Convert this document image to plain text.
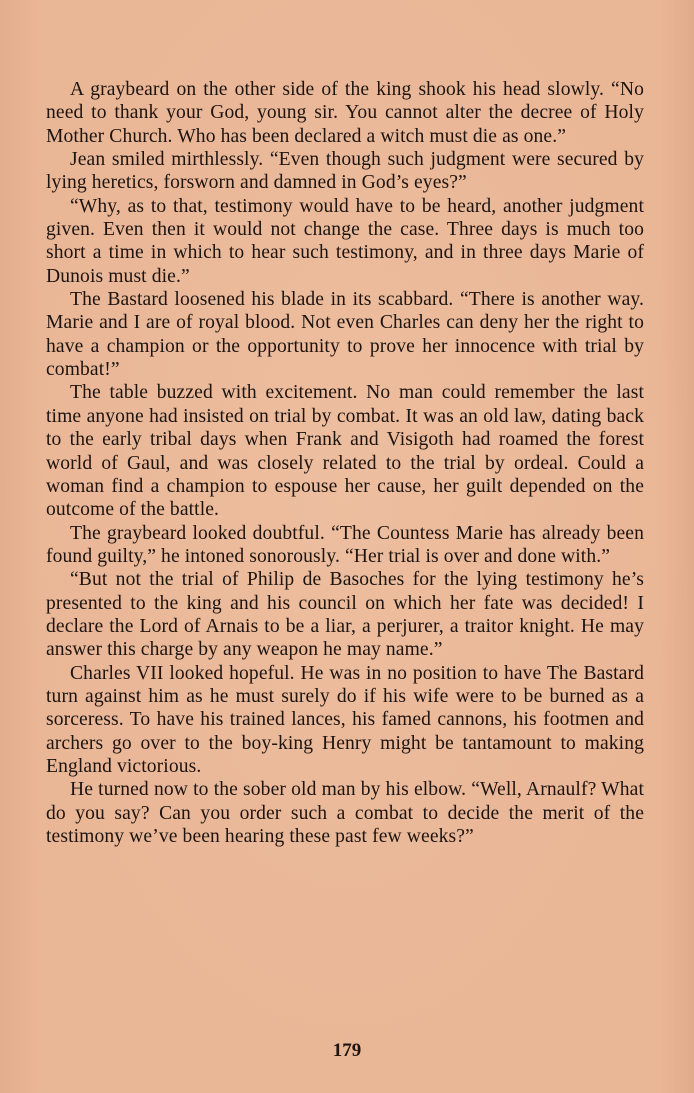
A graybeard on the other side of the king shook his head slowly. “No need to thank your God, young sir. You cannot alter the decree of Holy Mother Church. Who has been declared a witch must die as one.”

Jean smiled mirthlessly. “Even though such judgment were secured by lying heretics, forsworn and damned in God’s eyes?”

“Why, as to that, testimony would have to be heard, another judgment given. Even then it would not change the case. Three days is much too short a time in which to hear such testimony, and in three days Marie of Dunois must die.”

The Bastard loosened his blade in its scabbard. “There is another way. Marie and I are of royal blood. Not even Charles can deny her the right to have a champion or the opportunity to prove her innocence with trial by combat!”

The table buzzed with excitement. No man could remember the last time anyone had insisted on trial by combat. It was an old law, dating back to the early tribal days when Frank and Visigoth had roamed the forest world of Gaul, and was closely related to the trial by ordeal. Could a woman find a champion to espouse her cause, her guilt depended on the outcome of the battle.

The graybeard looked doubtful. “The Countess Marie has already been found guilty,” he intoned sonorously. “Her trial is over and done with.”

“But not the trial of Philip de Basoches for the lying testimony he’s presented to the king and his council on which her fate was decided! I declare the Lord of Arnais to be a liar, a perjurer, a traitor knight. He may answer this charge by any weapon he may name.”

Charles VII looked hopeful. He was in no position to have The Bastard turn against him as he must surely do if his wife were to be burned as a sorceress. To have his trained lances, his famed cannons, his footmen and archers go over to the boy-king Henry might be tantamount to making England victorious.

He turned now to the sober old man by his elbow. “Well, Arnaulf? What do you say? Can you order such a combat to decide the merit of the testimony we’ve been hearing these past few weeks?”

179
